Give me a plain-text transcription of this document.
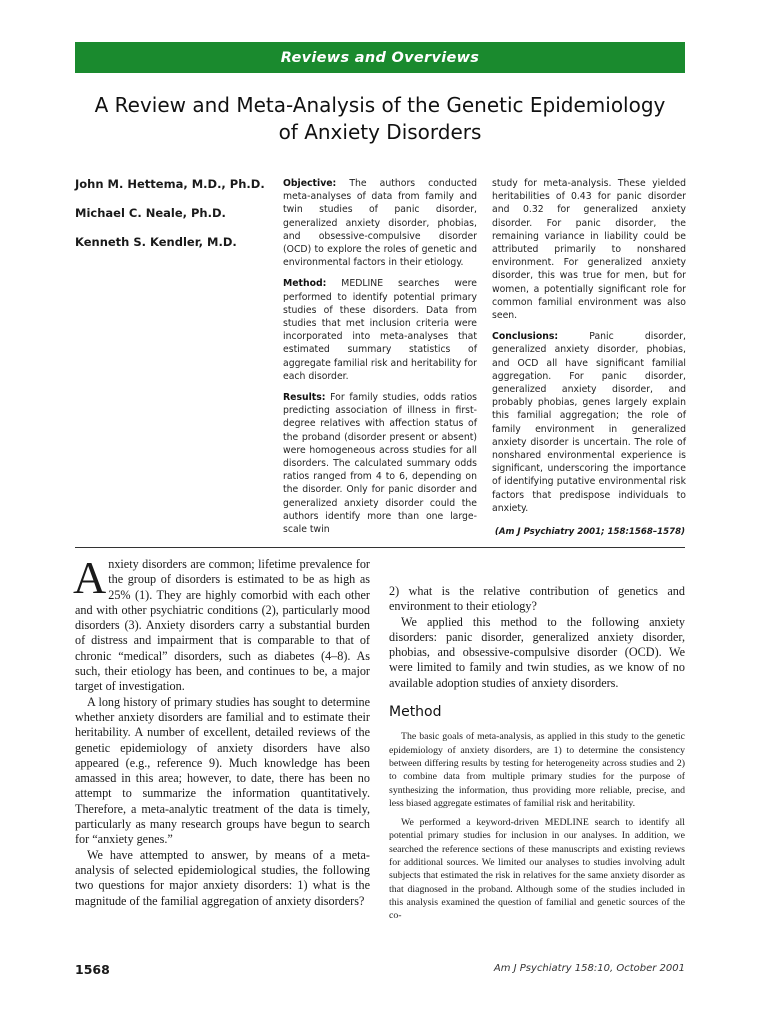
Reviews and Overviews
A Review and Meta-Analysis of the Genetic Epidemiology
of Anxiety Disorders
John M. Hettema, M.D., Ph.D.
Michael C. Neale, Ph.D.
Kenneth S. Kendler, M.D.

Objective: The authors conducted meta-analyses of data from family and twin studies of panic disorder, generalized anxiety disorder, phobias, and obsessive-compulsive disorder (OCD) to explore the roles of genetic and environmental factors in their etiology.

Method: MEDLINE searches were performed to identify potential primary studies of these disorders. Data from studies that met inclusion criteria were incorporated into meta-analyses that estimated summary statistics of aggregate familial risk and heritability for each disorder.

Results: For family studies, odds ratios predicting association of illness in first-degree relatives with affection status of the proband (disorder present or absent) were homogeneous across studies for all disorders. The calculated summary odds ratios ranged from 4 to 6, depending on the disorder. Only for panic disorder and generalized anxiety disorder could the authors identify more than one large-scale twin

study for meta-analysis. These yielded heritabilities of 0.43 for panic disorder and 0.32 for generalized anxiety disorder. For panic disorder, the remaining variance in liability could be attributed primarily to nonshared environment. For generalized anxiety disorder, this was true for men, but for women, a potentially significant role for common familial environment was also seen.

Conclusions:	Panic disorder, generalized anxiety disorder, phobias, and OCD all have significant familial aggregation. For panic disorder, generalized anxiety disorder, and probably phobias, genes largely explain this familial aggregation; the role of family environment in generalized anxiety disorder is uncertain. The role of nonshared environmental experience is significant, underscoring the importance of identifying putative environmental risk factors that predispose individuals to anxiety.

(Am J Psychiatry 2001; 158:1568–1578)

Anxiety disorders are common; lifetime prevalence for the group of disorders is estimated to be as high as 25% (1). They are highly comorbid with each other and with other psychiatric conditions (2), particularly mood disorders (3). Anxiety disorders carry a substantial burden of distress and impairment that is comparable to that of chronic “medical” disorders, such as diabetes (4–8). As such, their etiology has been, and continues to be, a major target of investigation.

A long history of primary studies has sought to determine whether anxiety disorders are familial and to estimate their heritability. A number of excellent, detailed reviews of the genetic epidemiology of anxiety disorders have also appeared (e.g., reference 9). Much knowledge has been amassed in this area; however, to date, there has been no attempt to summarize the information quantitatively. Therefore, a meta-analytic treatment of the data is timely, particularly as many research groups have begun to search for “anxiety genes.”

We have attempted to answer, by means of a meta-analysis of selected epidemiological studies, the following two questions for major anxiety disorders: 1) what is the magnitude of the familial aggregation of anxiety disorders?

2) what is the relative contribution of genetics and environment to their etiology?

We applied this method to the following anxiety disorders: panic disorder, generalized anxiety disorder, phobias, and obsessive-compulsive disorder (OCD). We were limited to family and twin studies, as we know of no available adoption studies of anxiety disorders.

Method

The basic goals of meta-analysis, as applied in this study to the genetic epidemiology of anxiety disorders, are 1) to determine the consistency between differing results by testing for heterogeneity across studies and 2) to combine data from multiple primary studies for the purpose of synthesizing the information, thus providing more reliable, precise, and less biased aggregate estimates of familial risk and heritability.

We performed a keyword-driven MEDLINE search to identify all potential primary studies for inclusion in our analyses. In addition, we searched the reference sections of these manuscripts and existing reviews for additional sources. We limited our analyses to studies involving adult subjects that estimated the risk in relatives for the same anxiety disorder as that diagnosed in the proband. Although some of the studies included in this analysis examined the question of familial and genetic sources of the co-

1568	Am J Psychiatry 158:10, October 2001
